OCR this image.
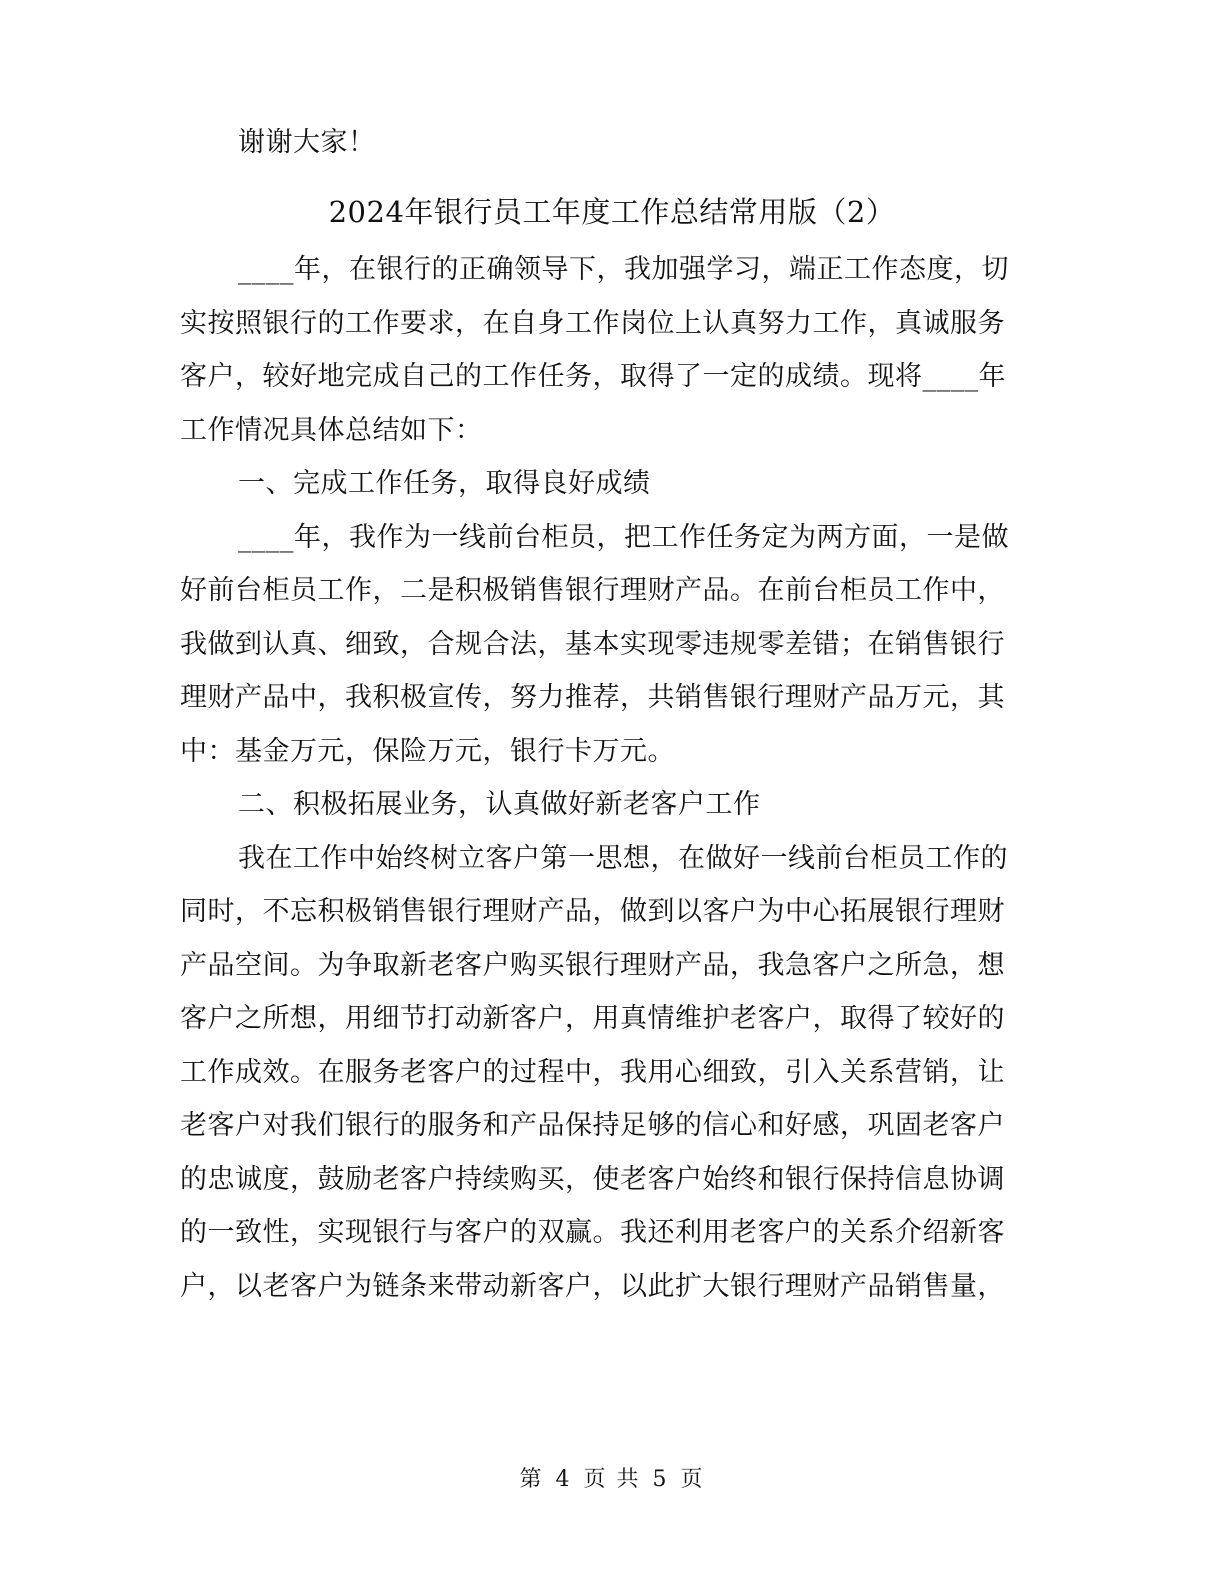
谢谢大家！
2024年银行员工年度工作总结常用版（2）
____年，在银行的正确领导下，我加强学习，端正工作态度，切
实按照银行的工作要求，在自身工作岗位上认真努力工作，真诚服务
客户，较好地完成自己的工作任务，取得了一定的成绩。现将____年
工作情况具体总结如下：
一、完成工作任务，取得良好成绩
____年，我作为一线前台柜员，把工作任务定为两方面，一是做
好前台柜员工作，二是积极销售银行理财产品。在前台柜员工作中，
我做到认真、细致，合规合法，基本实现零违规零差错；在销售银行
理财产品中，我积极宣传，努力推荐，共销售银行理财产品万元，其
中：基金万元，保险万元，银行卡万元。
二、积极拓展业务，认真做好新老客户工作
我在工作中始终树立客户第一思想，在做好一线前台柜员工作的
同时，不忘积极销售银行理财产品，做到以客户为中心拓展银行理财
产品空间。为争取新老客户购买银行理财产品，我急客户之所急，想
客户之所想，用细节打动新客户，用真情维护老客户，取得了较好的
工作成效。在服务老客户的过程中，我用心细致，引入关系营销，让
老客户对我们银行的服务和产品保持足够的信心和好感，巩固老客户
的忠诚度，鼓励老客户持续购买，使老客户始终和银行保持信息协调
的一致性，实现银行与客户的双赢。我还利用老客户的关系介绍新客
户，以老客户为链条来带动新客户，以此扩大银行理财产品销售量，
第 4 页 共 5 页
